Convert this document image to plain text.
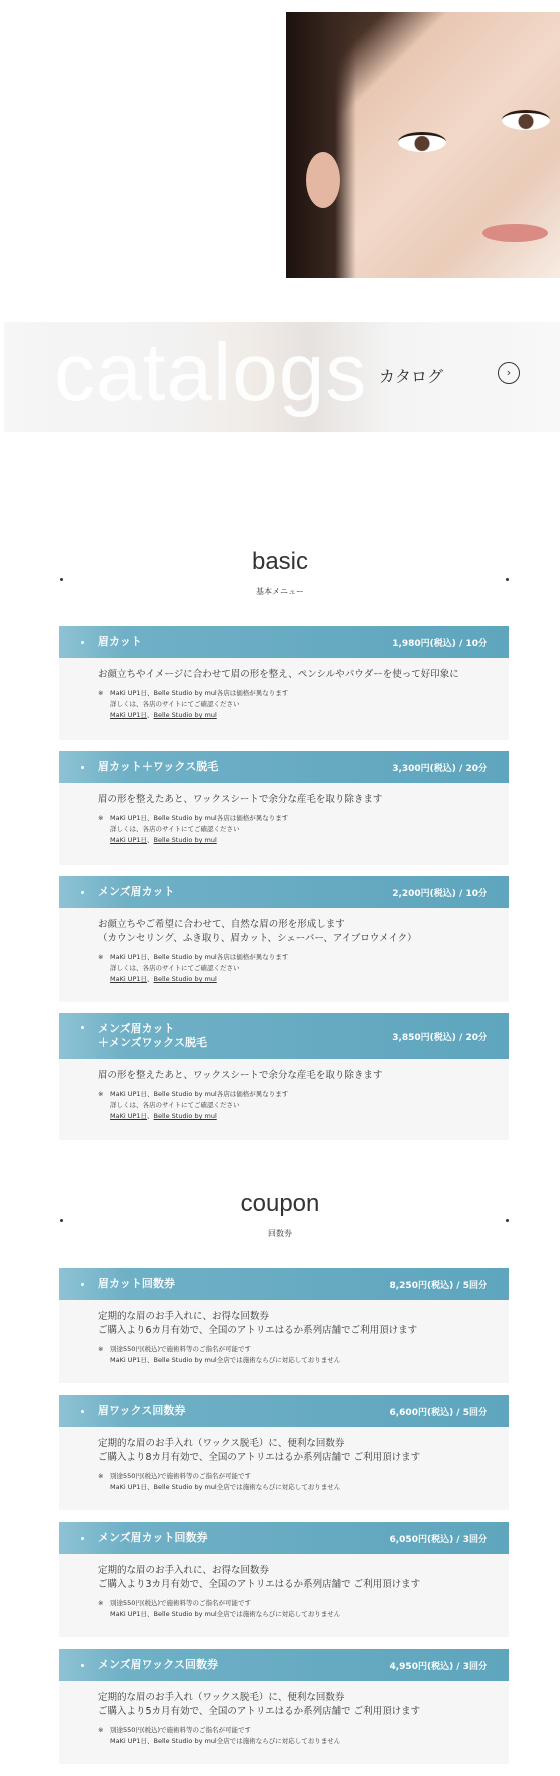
catalogs カタログ	›
basic
基本メニュー
眉カット	1,980円(税込) / 10分
お顔立ちやイメージに合わせて眉の形を整え、ペンシルやパウダーを使って好印象に
※	MaKi UP1日、Belle Studio by mul各店は価格が異なります
詳しくは、各店のサイトにてご確認ください
MaKi UP1日、Belle Studio by mul
眉カット＋ワックス脱毛	3,300円(税込) / 20分
眉の形を整えたあと、ワックスシートで余分な産毛を取り除きます
※	MaKi UP1日、Belle Studio by mul各店は価格が異なります
詳しくは、各店のサイトにてご確認ください
MaKi UP1日、Belle Studio by mul
メンズ眉カット	2,200円(税込) / 10分
お顔立ちやご希望に合わせて、自然な眉の形を形成します
（カウンセリング、ふき取り、眉カット、シェーバー、アイブロウメイク）
※	MaKi UP1日、Belle Studio by mul各店は価格が異なります
詳しくは、各店のサイトにてご確認ください
MaKi UP1日、Belle Studio by mul
メンズ眉カット
＋メンズワックス脱毛	3,850円(税込) / 20分
眉の形を整えたあと、ワックスシートで余分な産毛を取り除きます
※	MaKi UP1日、Belle Studio by mul各店は価格が異なります
詳しくは、各店のサイトにてご確認ください
MaKi UP1日、Belle Studio by mul
coupon
回数券
眉カット回数券	8,250円(税込) / 5回分
定期的な眉のお手入れに、お得な回数券
ご購入より6カ月有効で、全国のアトリエはるか系列店舗でご利用頂けます
※	別途550円(税込)で施術料等のご指名が可能です
MaKi UP1日、Belle Studio by mul全店では施術ならびに対応しておりません
眉ワックス回数券	6,600円(税込) / 5回分
定期的な眉のお手入れ（ワックス脱毛）に、便利な回数券
ご購入より8カ月有効で、全国のアトリエはるか系列店舗で ご利用頂けます
※	別途550円(税込)で施術料等のご指名が可能です
MaKi UP1日、Belle Studio by mul全店では施術ならびに対応しておりません
メンズ眉カット回数券	6,050円(税込) / 3回分
定期的な眉のお手入れに、お得な回数券
ご購入より3カ月有効で、全国のアトリエはるか系列店舗で ご利用頂けます
※	別途550円(税込)で施術料等のご指名が可能です
MaKi UP1日、Belle Studio by mul全店では施術ならびに対応しておりません
メンズ眉ワックス回数券	4,950円(税込) / 3回分
定期的な眉のお手入れ（ワックス脱毛）に、便利な回数券
ご購入より5カ月有効で、全国のアトリエはるか系列店舗で ご利用頂けます
※	別途550円(税込)で施術料等のご指名が可能です
MaKi UP1日、Belle Studio by mul全店では施術ならびに対応しておりません
